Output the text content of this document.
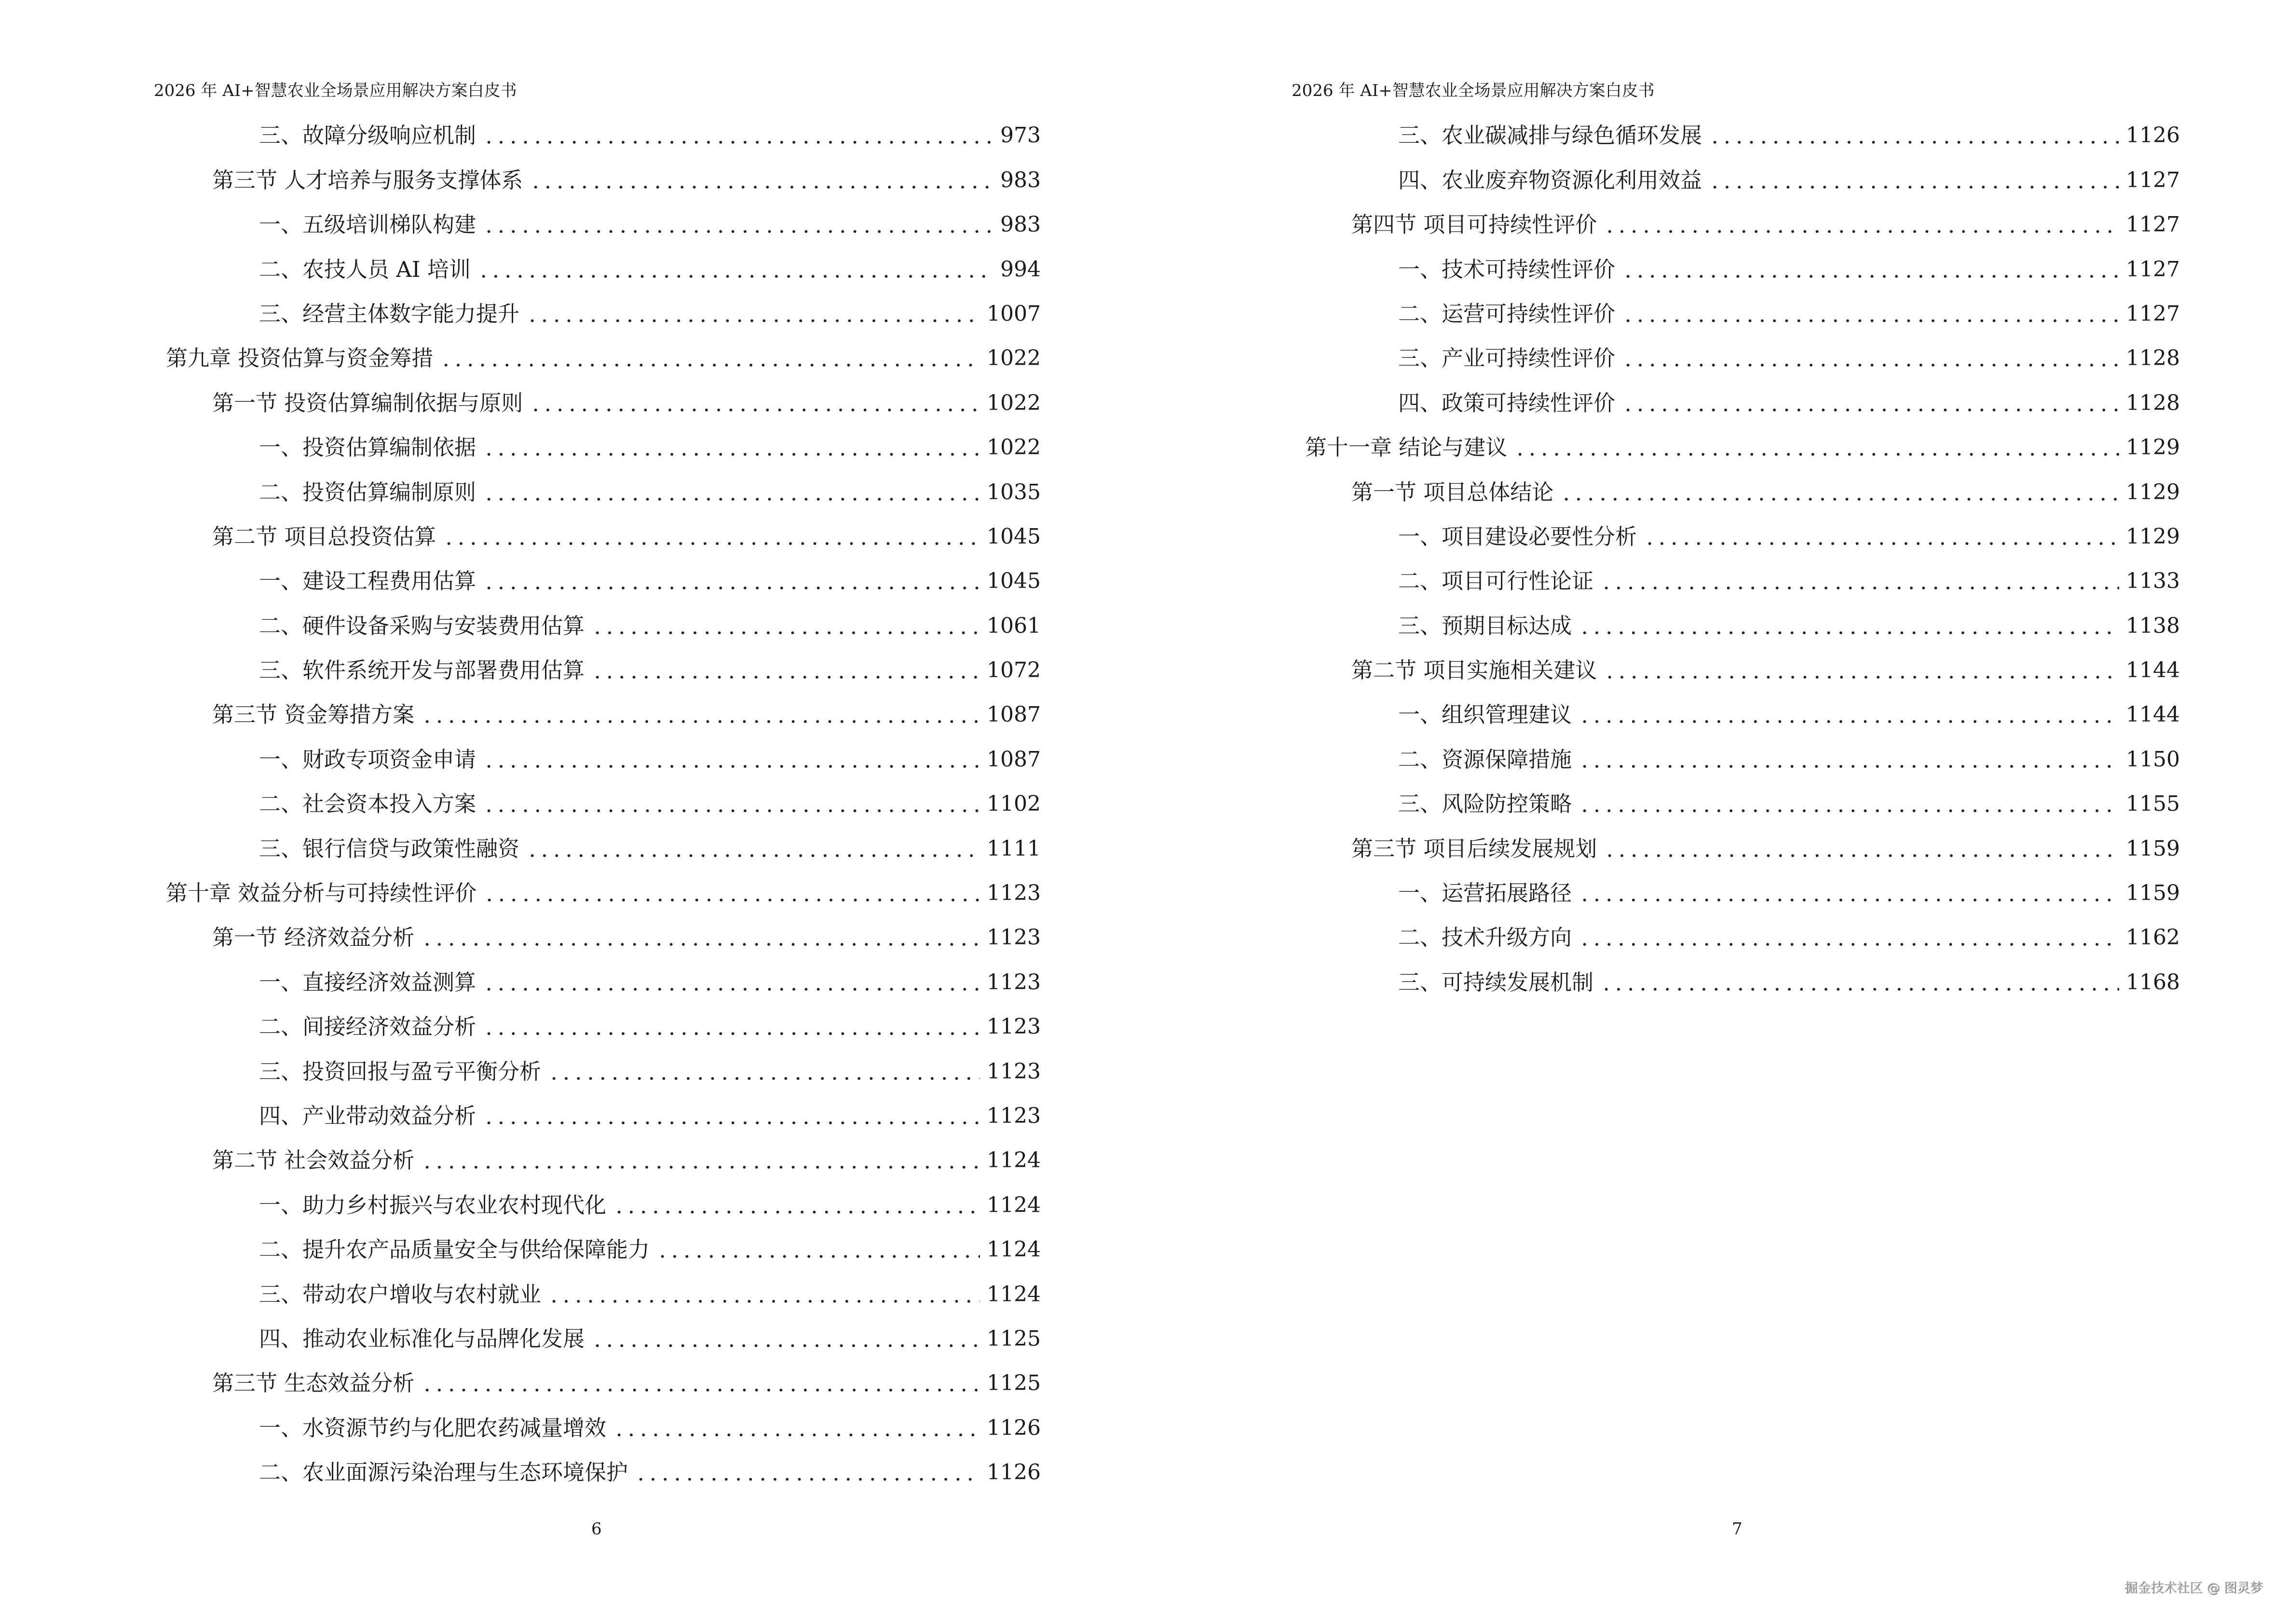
2026 年 AI+智慧农业全场景应用解决方案白皮书
三、故障分级响应机制	973
第三节 人才培养与服务支撑体系	983
一、五级培训梯队构建	983
二、农技人员 AI 培训	994
三、经营主体数字能力提升	1007
第九章 投资估算与资金筹措	1022
第一节 投资估算编制依据与原则	1022
一、投资估算编制依据	1022
二、投资估算编制原则	1035
第二节 项目总投资估算	1045
一、建设工程费用估算	1045
二、硬件设备采购与安装费用估算	1061
三、软件系统开发与部署费用估算	1072
第三节 资金筹措方案	1087
一、财政专项资金申请	1087
二、社会资本投入方案	1102
三、银行信贷与政策性融资	1111
第十章 效益分析与可持续性评价	1123
第一节 经济效益分析	1123
一、直接经济效益测算	1123
二、间接经济效益分析	1123
三、投资回报与盈亏平衡分析	1123
四、产业带动效益分析	1123
第二节 社会效益分析	1124
一、助力乡村振兴与农业农村现代化	1124
二、提升农产品质量安全与供给保障能力	1124
三、带动农户增收与农村就业	1124
四、推动农业标准化与品牌化发展	1125
第三节 生态效益分析	1125
一、水资源节约与化肥农药减量增效	1126
二、农业面源污染治理与生态环境保护	1126
6
2026 年 AI+智慧农业全场景应用解决方案白皮书
三、农业碳减排与绿色循环发展	1126
四、农业废弃物资源化利用效益	1127
第四节 项目可持续性评价	1127
一、技术可持续性评价	1127
二、运营可持续性评价	1127
三、产业可持续性评价	1128
四、政策可持续性评价	1128
第十一章 结论与建议	1129
第一节 项目总体结论	1129
一、项目建设必要性分析	1129
二、项目可行性论证	1133
三、预期目标达成	1138
第二节 项目实施相关建议	1144
一、组织管理建议	1144
二、资源保障措施	1150
三、风险防控策略	1155
第三节 项目后续发展规划	1159
一、运营拓展路径	1159
二、技术升级方向	1162
三、可持续发展机制	1168
7
掘金技术社区 @ 图灵梦
